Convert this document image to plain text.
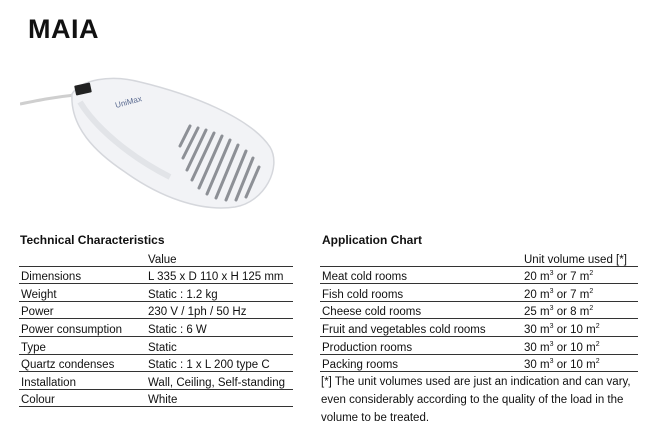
MAIA
UniMax
Technical Characteristics
	Value
Dimensions	L 335 x D 110 x H 125 mm
Weight	Static : 1.2 kg
Power	230 V / 1ph / 50 Hz
Power consumption	Static : 6 W
Type	Static
Quartz condenses	Static : 1 x L 200 type C
Installation	Wall, Ceiling, Self-standing
Colour	White
Application Chart
	Unit volume used [*]
Meat cold rooms	20 $m^3$ or 7 $m^2$
Fish cold rooms	20 $m^3$ or 7 $m^2$
Cheese cold rooms	25 $m^3$ or 8 $m^2$
Fruit and vegetables cold rooms	30 $m^3$ or 10 $m^2$
Production rooms	30 $m^3$ or 10 $m^2$
Packing rooms	30 $m^3$ or 10 $m^2$
[*] The unit volumes used are just an indication and can vary, even considerably according to the quality of the load in the volume to be treated.
